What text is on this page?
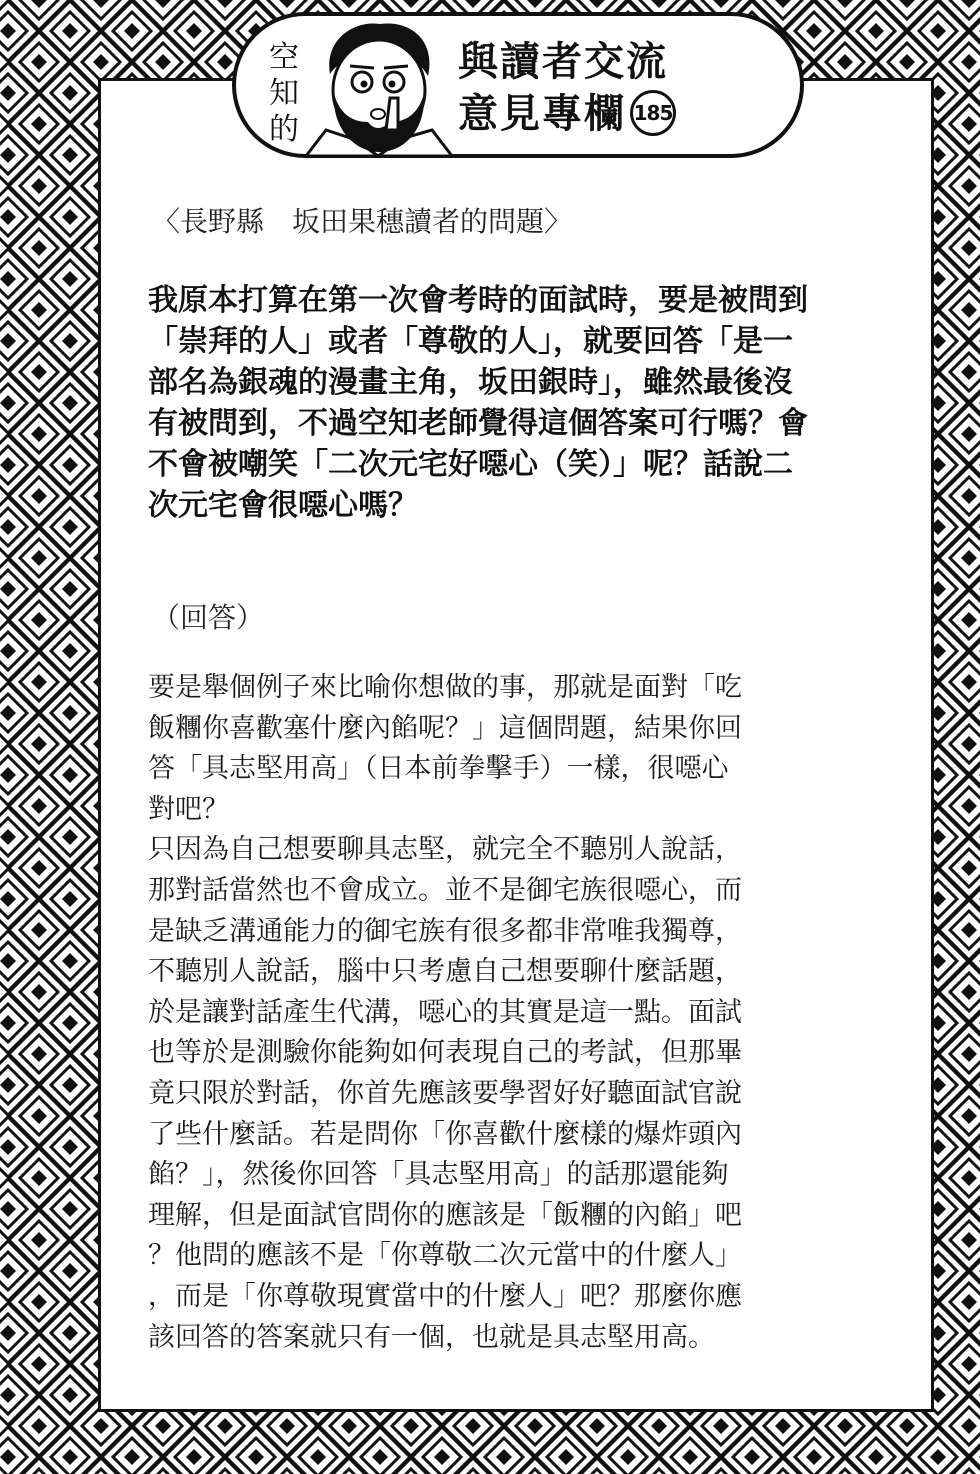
空
知
的
與讀者交流
意見專欄 185
〈長野縣　坂田果穗讀者的問題〉
我原本打算在第一次會考時的面試時，要是被問到
「崇拜的人」或者「尊敬的人」，就要回答「是一
部名為銀魂的漫畫主角，坂田銀時」，雖然最後沒
有被問到，不過空知老師覺得這個答案可行嗎？會
不會被嘲笑「二次元宅好噁心（笑）」呢？話說二
次元宅會很噁心嗎？
（回答）
要是舉個例子來比喻你想做的事，那就是面對「吃
飯糰你喜歡塞什麼內餡呢？」這個問題，結果你回
答「具志堅用高」（日本前拳擊手）一樣，很噁心
對吧？
只因為自己想要聊具志堅，就完全不聽別人說話，
那對話當然也不會成立。並不是御宅族很噁心，而
是缺乏溝通能力的御宅族有很多都非常唯我獨尊，
不聽別人說話，腦中只考慮自己想要聊什麼話題，
於是讓對話產生代溝，噁心的其實是這一點。面試
也等於是測驗你能夠如何表現自己的考試，但那畢
竟只限於對話，你首先應該要學習好好聽面試官說
了些什麼話。若是問你「你喜歡什麼樣的爆炸頭內
餡？」，然後你回答「具志堅用高」的話那還能夠
理解，但是面試官問你的應該是「飯糰的內餡」吧
？他問的應該不是「你尊敬二次元當中的什麼人」
，而是「你尊敬現實當中的什麼人」吧？那麼你應
該回答的答案就只有一個，也就是具志堅用高。
